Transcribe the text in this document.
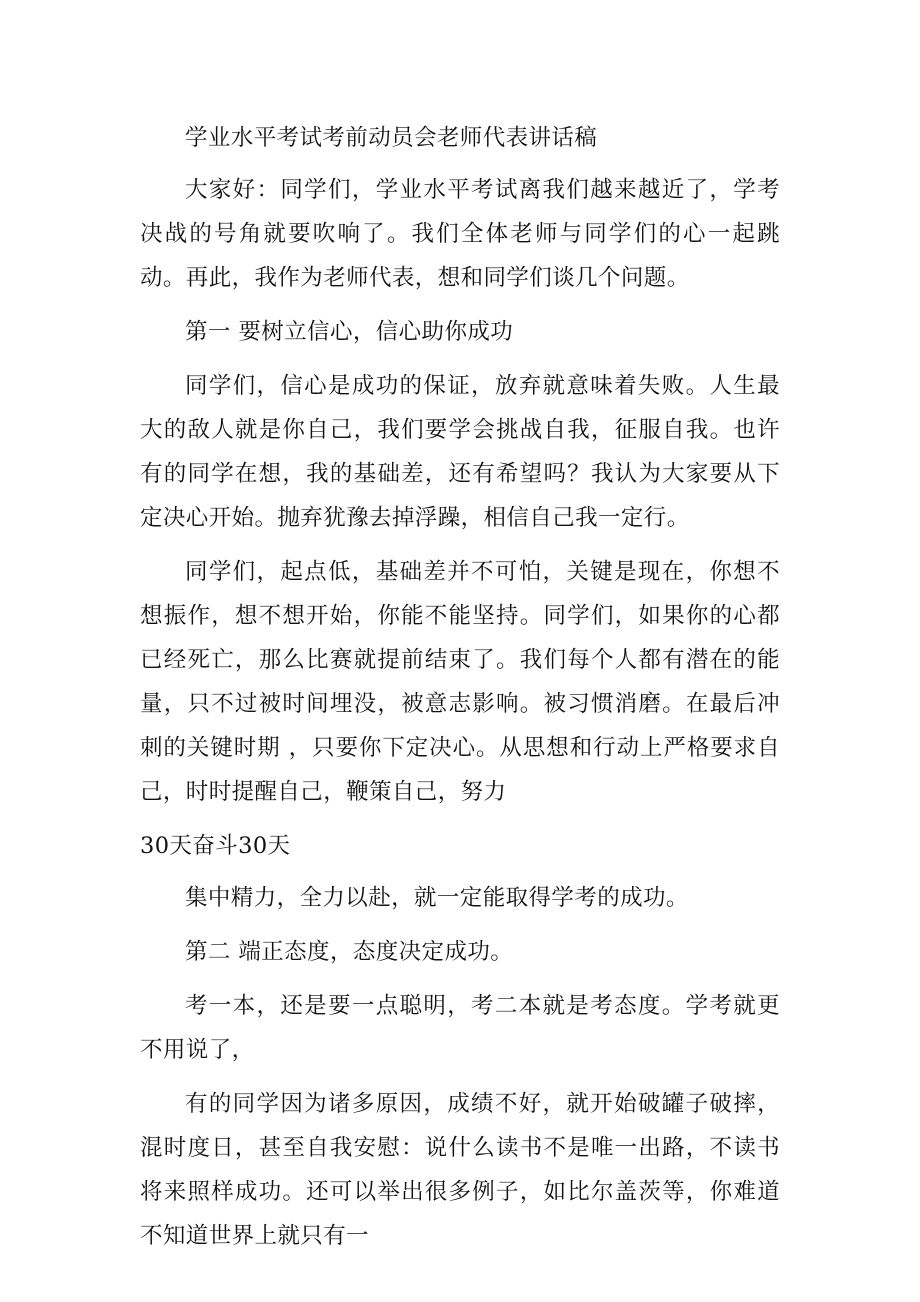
学业水平考试考前动员会老师代表讲话稿

大家好：同学们，学业水平考试离我们越来越近了，学考决战的号角就要吹响了。我们全体老师与同学们的心一起跳动。再此，我作为老师代表，想和同学们谈几个问题。

第一 要树立信心，信心助你成功

同学们，信心是成功的保证，放弃就意味着失败。人生最大的敌人就是你自己，我们要学会挑战自我，征服自我。也许有的同学在想，我的基础差，还有希望吗？我认为大家要从下定决心开始。抛弃犹豫去掉浮躁，相信自己我一定行。

同学们，起点低，基础差并不可怕，关键是现在，你想不想振作，想不想开始，你能不能坚持。同学们，如果你的心都已经死亡，那么比赛就提前结束了。我们每个人都有潜在的能量，只不过被时间埋没，被意志影响。被习惯消磨。在最后冲刺的关键时期 ，只要你下定决心。从思想和行动上严格要求自己，时时提醒自己，鞭策自己，努力

30天奋斗30天

集中精力，全力以赴，就一定能取得学考的成功。

第二 端正态度，态度决定成功。

考一本，还是要一点聪明，考二本就是考态度。学考就更不用说了，

有的同学因为诸多原因，成绩不好，就开始破罐子破摔，混时度日，甚至自我安慰：说什么读书不是唯一出路，不读书将来照样成功。还可以举出很多例子，如比尔盖茨等，你难道不知道世界上就只有一
